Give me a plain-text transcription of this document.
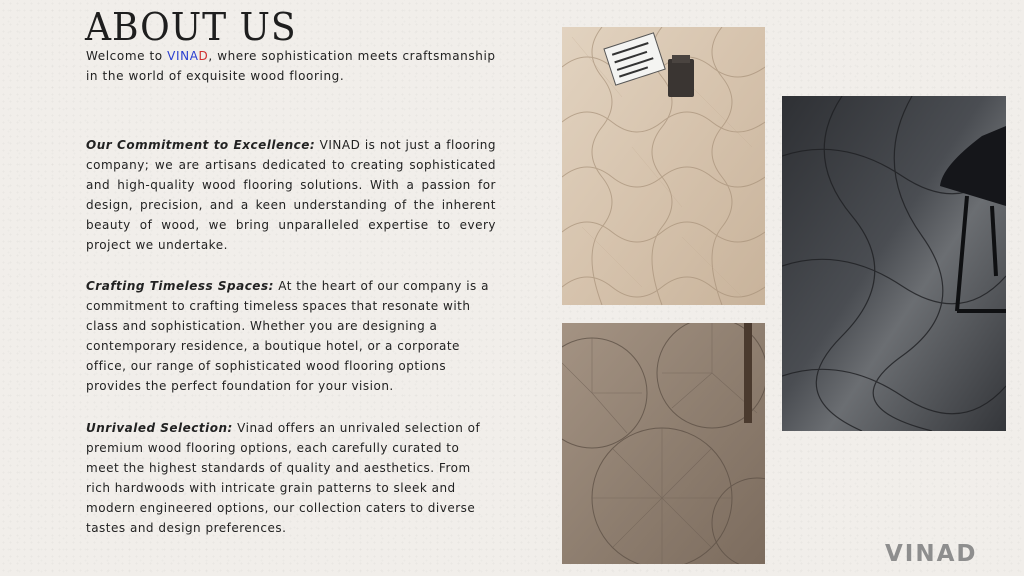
ABOUT US
Welcome to VINAD, where sophistication meets craftsmanship in the world of exquisite wood flooring.
Our Commitment to Excellence: VINAD is not just a flooring company; we are artisans dedicated to creating sophisticated and high-quality wood flooring solutions. With a passion for design, precision, and a keen understanding of the inherent beauty of wood, we bring unparalleled expertise to every project we undertake.
Crafting Timeless Spaces: At the heart of our company is a commitment to crafting timeless spaces that resonate with class and sophistication. Whether you are designing a contemporary residence, a boutique hotel, or a corporate office, our range of sophisticated wood flooring options provides the perfect foundation for your vision.
Unrivaled Selection: Vinad offers an unrivaled selection of premium wood flooring options, each carefully curated to meet the highest standards of quality and aesthetics. From rich hardwoods with intricate grain patterns to sleek and modern engineered options, our collection caters to diverse tastes and design preferences.
VINAD
